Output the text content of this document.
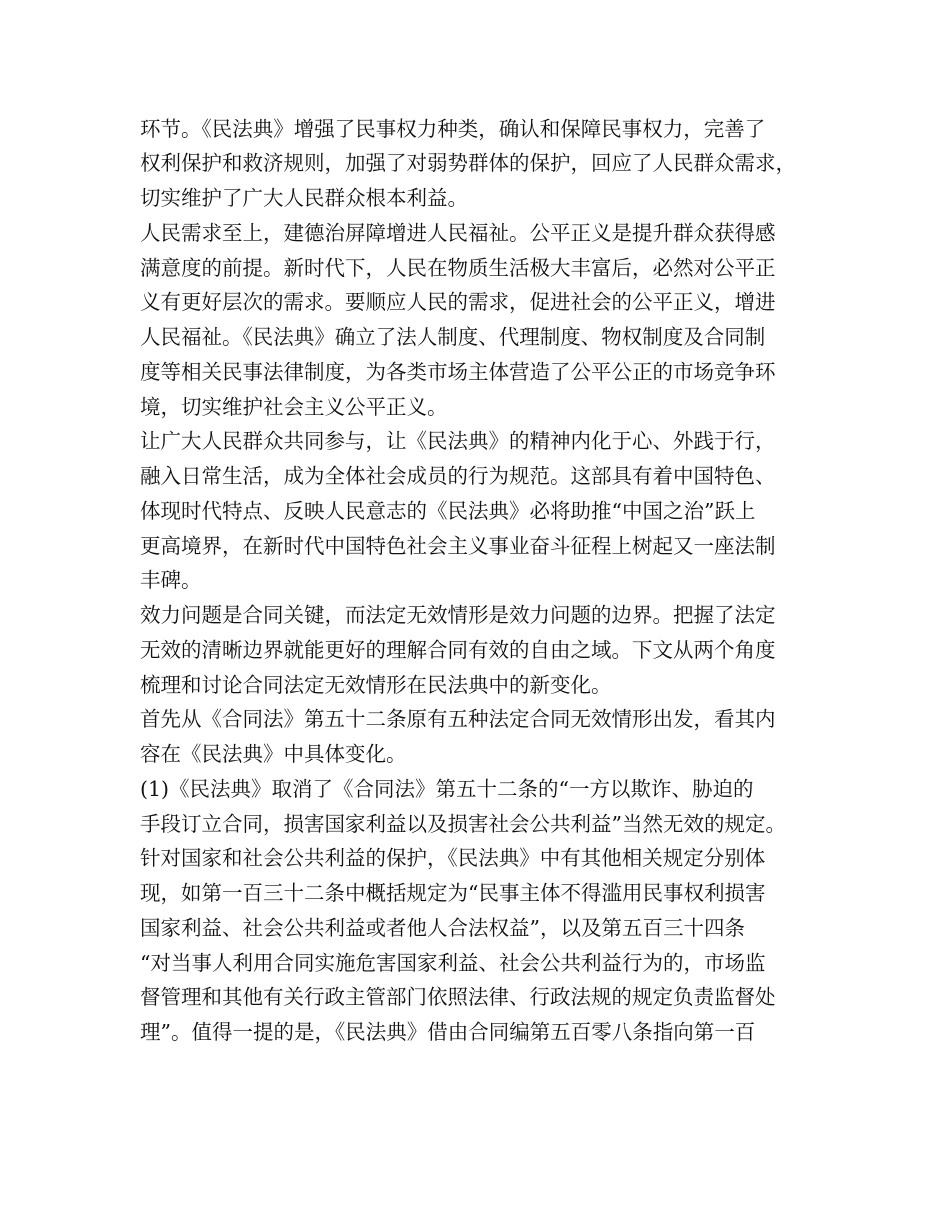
环节。《民法典》增强了民事权力种类，确认和保障民事权力，完善了
权利保护和救济规则，加强了对弱势群体的保护，回应了人民群众需求，
切实维护了广大人民群众根本利益。
人民需求至上，建德治屏障增进人民福祉。公平正义是提升群众获得感
满意度的前提。新时代下，人民在物质生活极大丰富后，必然对公平正
义有更好层次的需求。要顺应人民的需求，促进社会的公平正义，增进
人民福祉。《民法典》确立了法人制度、代理制度、物权制度及合同制
度等相关民事法律制度，为各类市场主体营造了公平公正的市场竞争环
境，切实维护社会主义公平正义。
让广大人民群众共同参与，让《民法典》的精神内化于心、外践于行，
融入日常生活，成为全体社会成员的行为规范。这部具有着中国特色、
体现时代特点、反映人民意志的《民法典》必将助推“中国之治”跃上
更高境界，在新时代中国特色社会主义事业奋斗征程上树起又一座法制
丰碑。
效力问题是合同关键，而法定无效情形是效力问题的边界。把握了法定
无效的清晰边界就能更好的理解合同有效的自由之域。下文从两个角度
梳理和讨论合同法定无效情形在民法典中的新变化。
首先从《合同法》第五十二条原有五种法定合同无效情形出发，看其内
容在《民法典》中具体变化。
(1)《民法典》取消了《合同法》第五十二条的“一方以欺诈、胁迫的
手段订立合同，损害国家利益以及损害社会公共利益”当然无效的规定。
针对国家和社会公共利益的保护，《民法典》中有其他相关规定分别体
现，如第一百三十二条中概括规定为“民事主体不得滥用民事权利损害
国家利益、社会公共利益或者他人合法权益”，以及第五百三十四条
“对当事人利用合同实施危害国家利益、社会公共利益行为的，市场监
督管理和其他有关行政主管部门依照法律、行政法规的规定负责监督处
理”。值得一提的是，《民法典》借由合同编第五百零八条指向第一百
